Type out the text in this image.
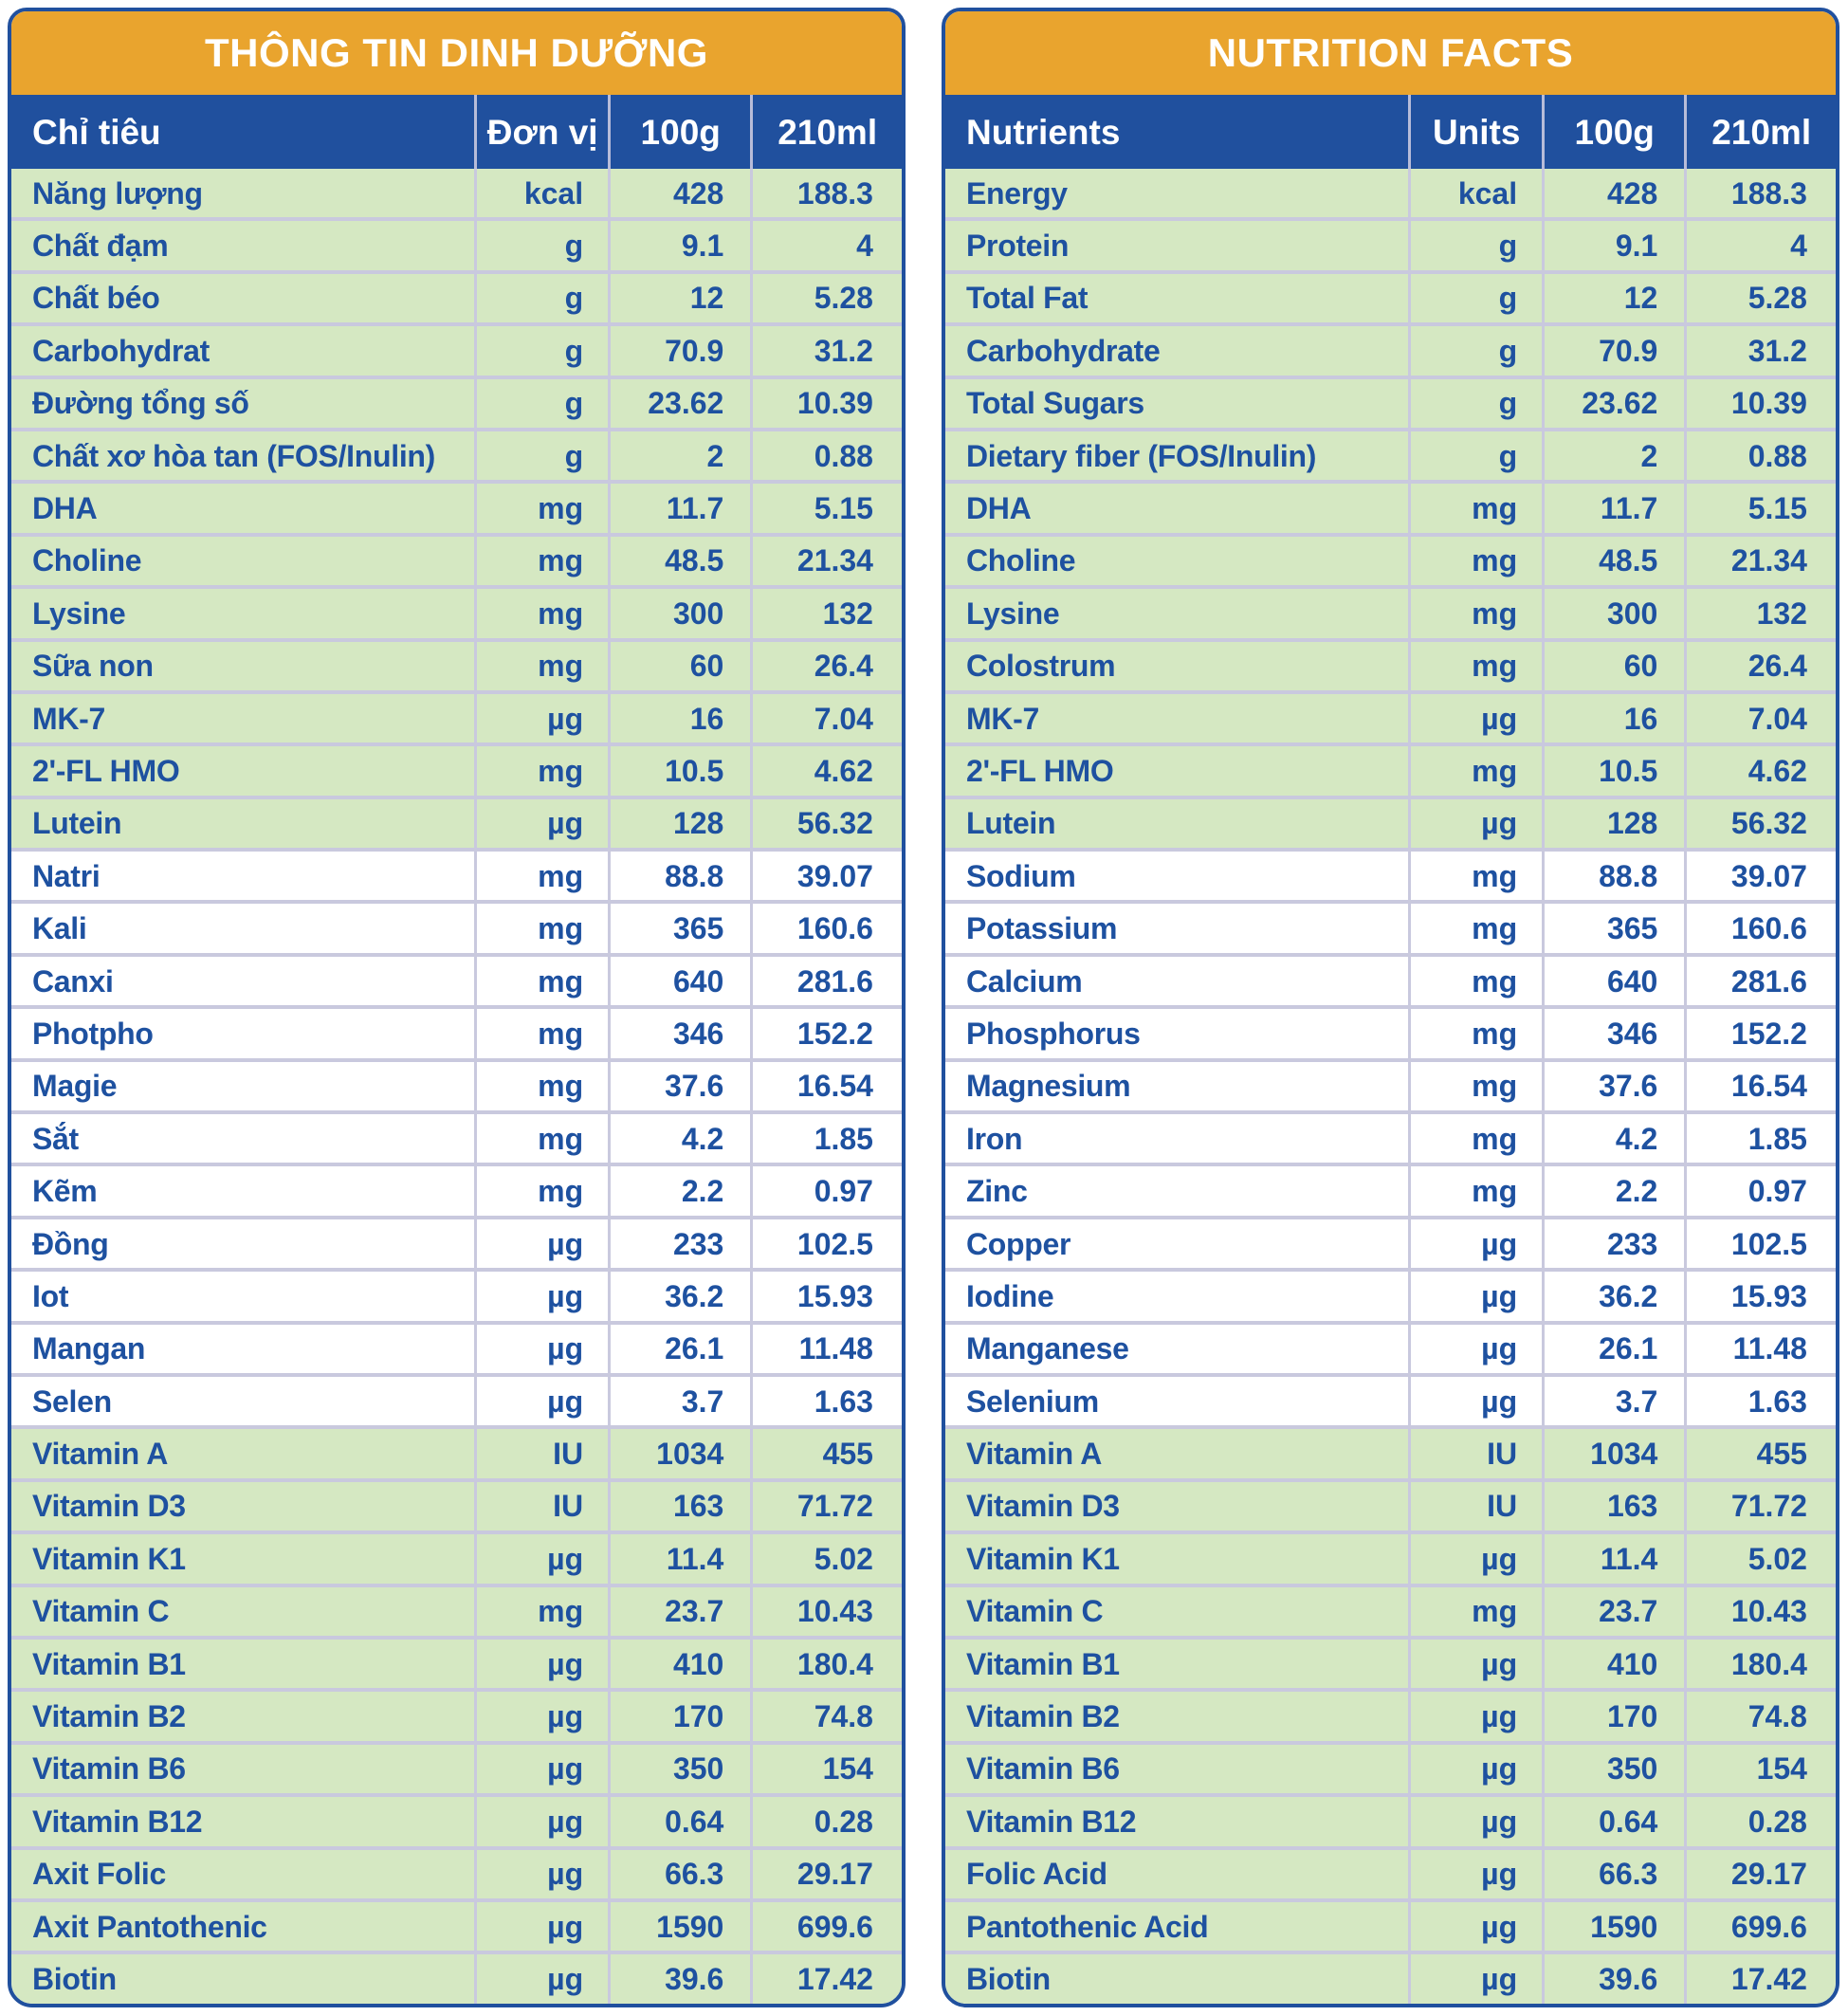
THÔNG TIN DINH DƯỠNG
Chỉ tiêu	Đơn vị	100g	210ml
Năng lượng	kcal	428	188.3
Chất đạm	g	9.1	4
Chất béo	g	12	5.28
Carbohydrat	g	70.9	31.2
Đường tổng số	g	23.62	10.39
Chất xơ hòa tan (FOS/Inulin)	g	2	0.88
DHA	mg	11.7	5.15
Choline	mg	48.5	21.34
Lysine	mg	300	132
Sữa non	mg	60	26.4
MK-7	µg	16	7.04
2'-FL HMO	mg	10.5	4.62
Lutein	µg	128	56.32
Natri	mg	88.8	39.07
Kali	mg	365	160.6
Canxi	mg	640	281.6
Photpho	mg	346	152.2
Magie	mg	37.6	16.54
Sắt	mg	4.2	1.85
Kẽm	mg	2.2	0.97
Đồng	µg	233	102.5
Iot	µg	36.2	15.93
Mangan	µg	26.1	11.48
Selen	µg	3.7	1.63
Vitamin A	IU	1034	455
Vitamin D3	IU	163	71.72
Vitamin K1	µg	11.4	5.02
Vitamin C	mg	23.7	10.43
Vitamin B1	µg	410	180.4
Vitamin B2	µg	170	74.8
Vitamin B6	µg	350	154
Vitamin B12	µg	0.64	0.28
Axit Folic	µg	66.3	29.17
Axit Pantothenic	µg	1590	699.6
Biotin	µg	39.6	17.42
NUTRITION FACTS
Nutrients	Units	100g	210ml
Energy	kcal	428	188.3
Protein	g	9.1	4
Total Fat	g	12	5.28
Carbohydrate	g	70.9	31.2
Total Sugars	g	23.62	10.39
Dietary fiber (FOS/Inulin)	g	2	0.88
DHA	mg	11.7	5.15
Choline	mg	48.5	21.34
Lysine	mg	300	132
Colostrum	mg	60	26.4
MK-7	µg	16	7.04
2'-FL HMO	mg	10.5	4.62
Lutein	µg	128	56.32
Sodium	mg	88.8	39.07
Potassium	mg	365	160.6
Calcium	mg	640	281.6
Phosphorus	mg	346	152.2
Magnesium	mg	37.6	16.54
Iron	mg	4.2	1.85
Zinc	mg	2.2	0.97
Copper	µg	233	102.5
Iodine	µg	36.2	15.93
Manganese	µg	26.1	11.48
Selenium	µg	3.7	1.63
Vitamin A	IU	1034	455
Vitamin D3	IU	163	71.72
Vitamin K1	µg	11.4	5.02
Vitamin C	mg	23.7	10.43
Vitamin B1	µg	410	180.4
Vitamin B2	µg	170	74.8
Vitamin B6	µg	350	154
Vitamin B12	µg	0.64	0.28
Folic Acid	µg	66.3	29.17
Pantothenic Acid	µg	1590	699.6
Biotin	µg	39.6	17.42
